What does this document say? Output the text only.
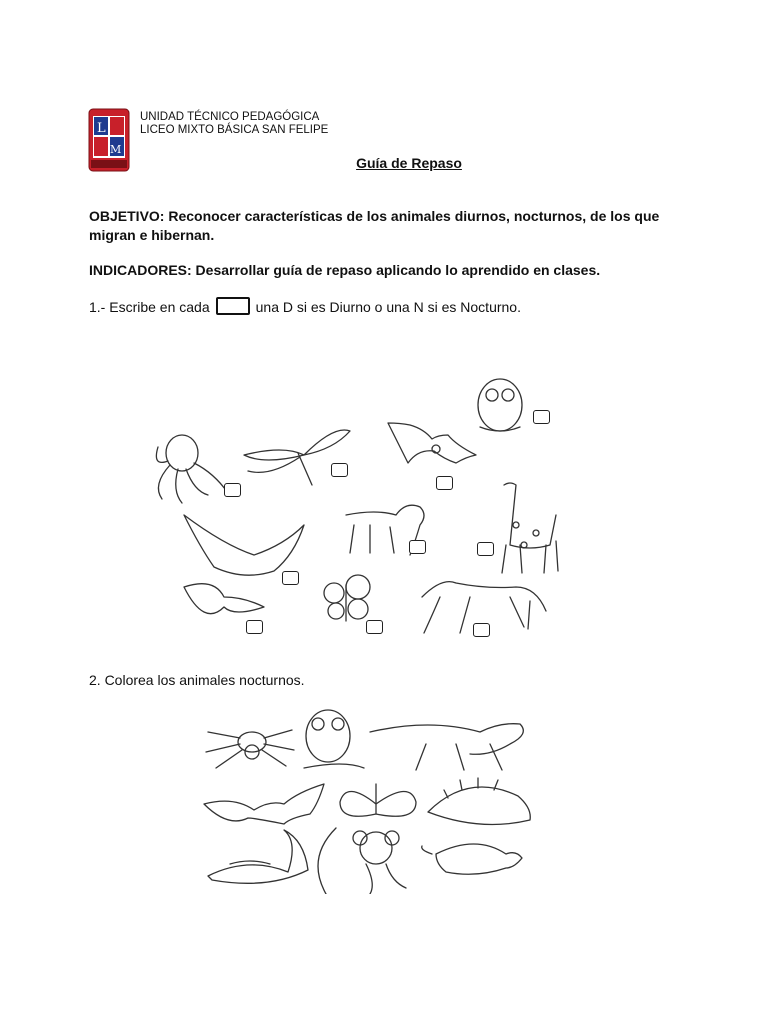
L
M
UNIDAD TÉCNICO PEDAGÓGICA
LICEO MIXTO BÁSICA SAN FELIPE
Guía de Repaso
OBJETIVO: Reconocer características de los animales diurnos, nocturnos, de los que migran e hibernan.
INDICADORES: Desarrollar guía de repaso aplicando lo aprendido en clases.
1.- Escribe en cada	una D si es Diurno o una N si es Nocturno.
2. Colorea los animales nocturnos.
